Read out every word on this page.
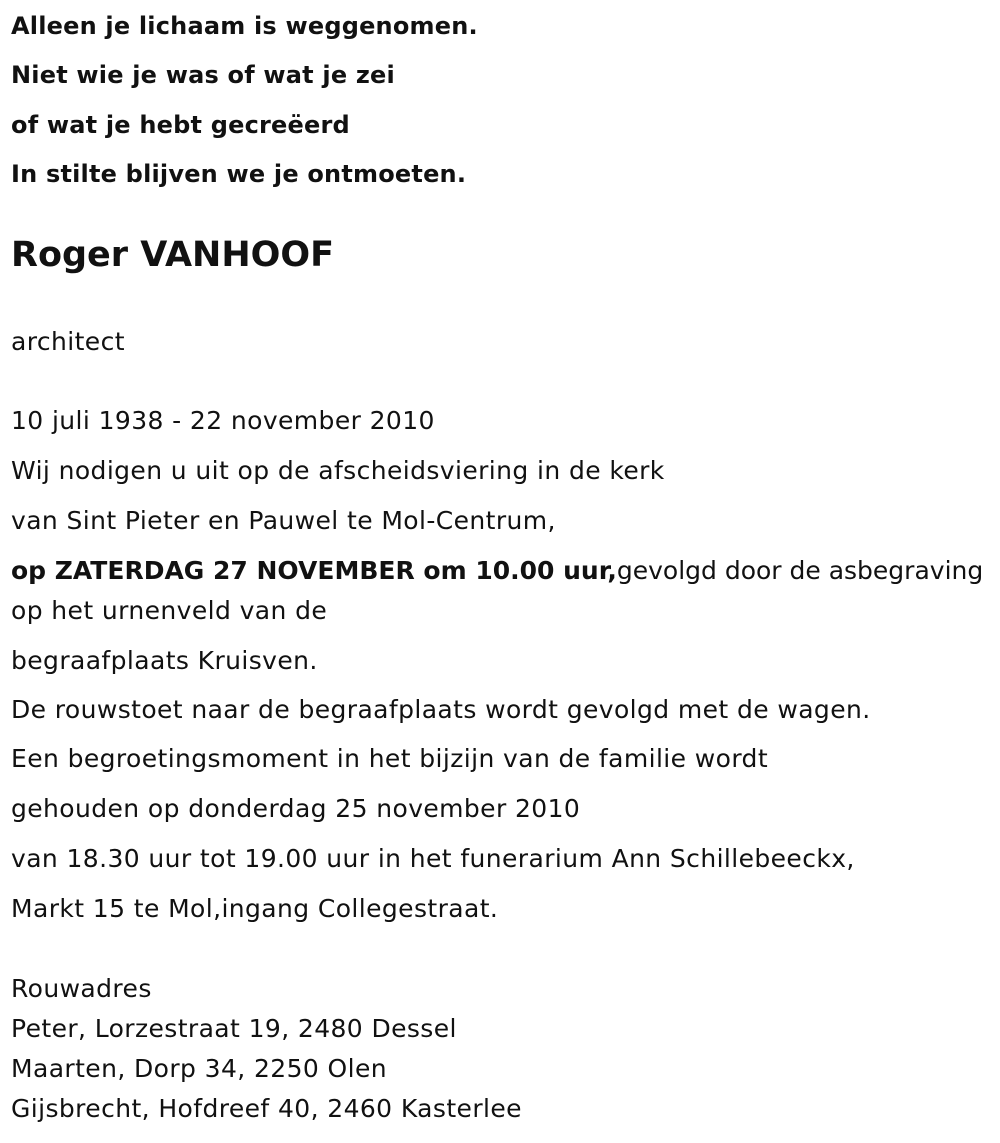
Alleen je lichaam is weggenomen.
Niet wie je was of wat je zei
of wat je hebt gecreëerd
In stilte blijven we je ontmoeten.
Roger VANHOOF
architect
10 juli 1938 - 22 november 2010
Wij nodigen u uit op de afscheidsviering in de kerk
van Sint Pieter en Pauwel te Mol-Centrum,
op ZATERDAG 27 NOVEMBER om 10.00 uur,gevolgd door de asbegraving
op het urnenveld van de
begraafplaats Kruisven.
De rouwstoet naar de begraafplaats wordt gevolgd met de wagen.
Een begroetingsmoment in het bijzijn van de familie wordt
gehouden op donderdag 25 november 2010
van 18.30 uur tot 19.00 uur in het funerarium Ann Schillebeeckx,
Markt 15 te Mol,ingang Collegestraat.
Rouwadres
Peter, Lorzestraat 19, 2480 Dessel
Maarten, Dorp 34, 2250 Olen
Gijsbrecht, Hofdreef 40, 2460 Kasterlee
